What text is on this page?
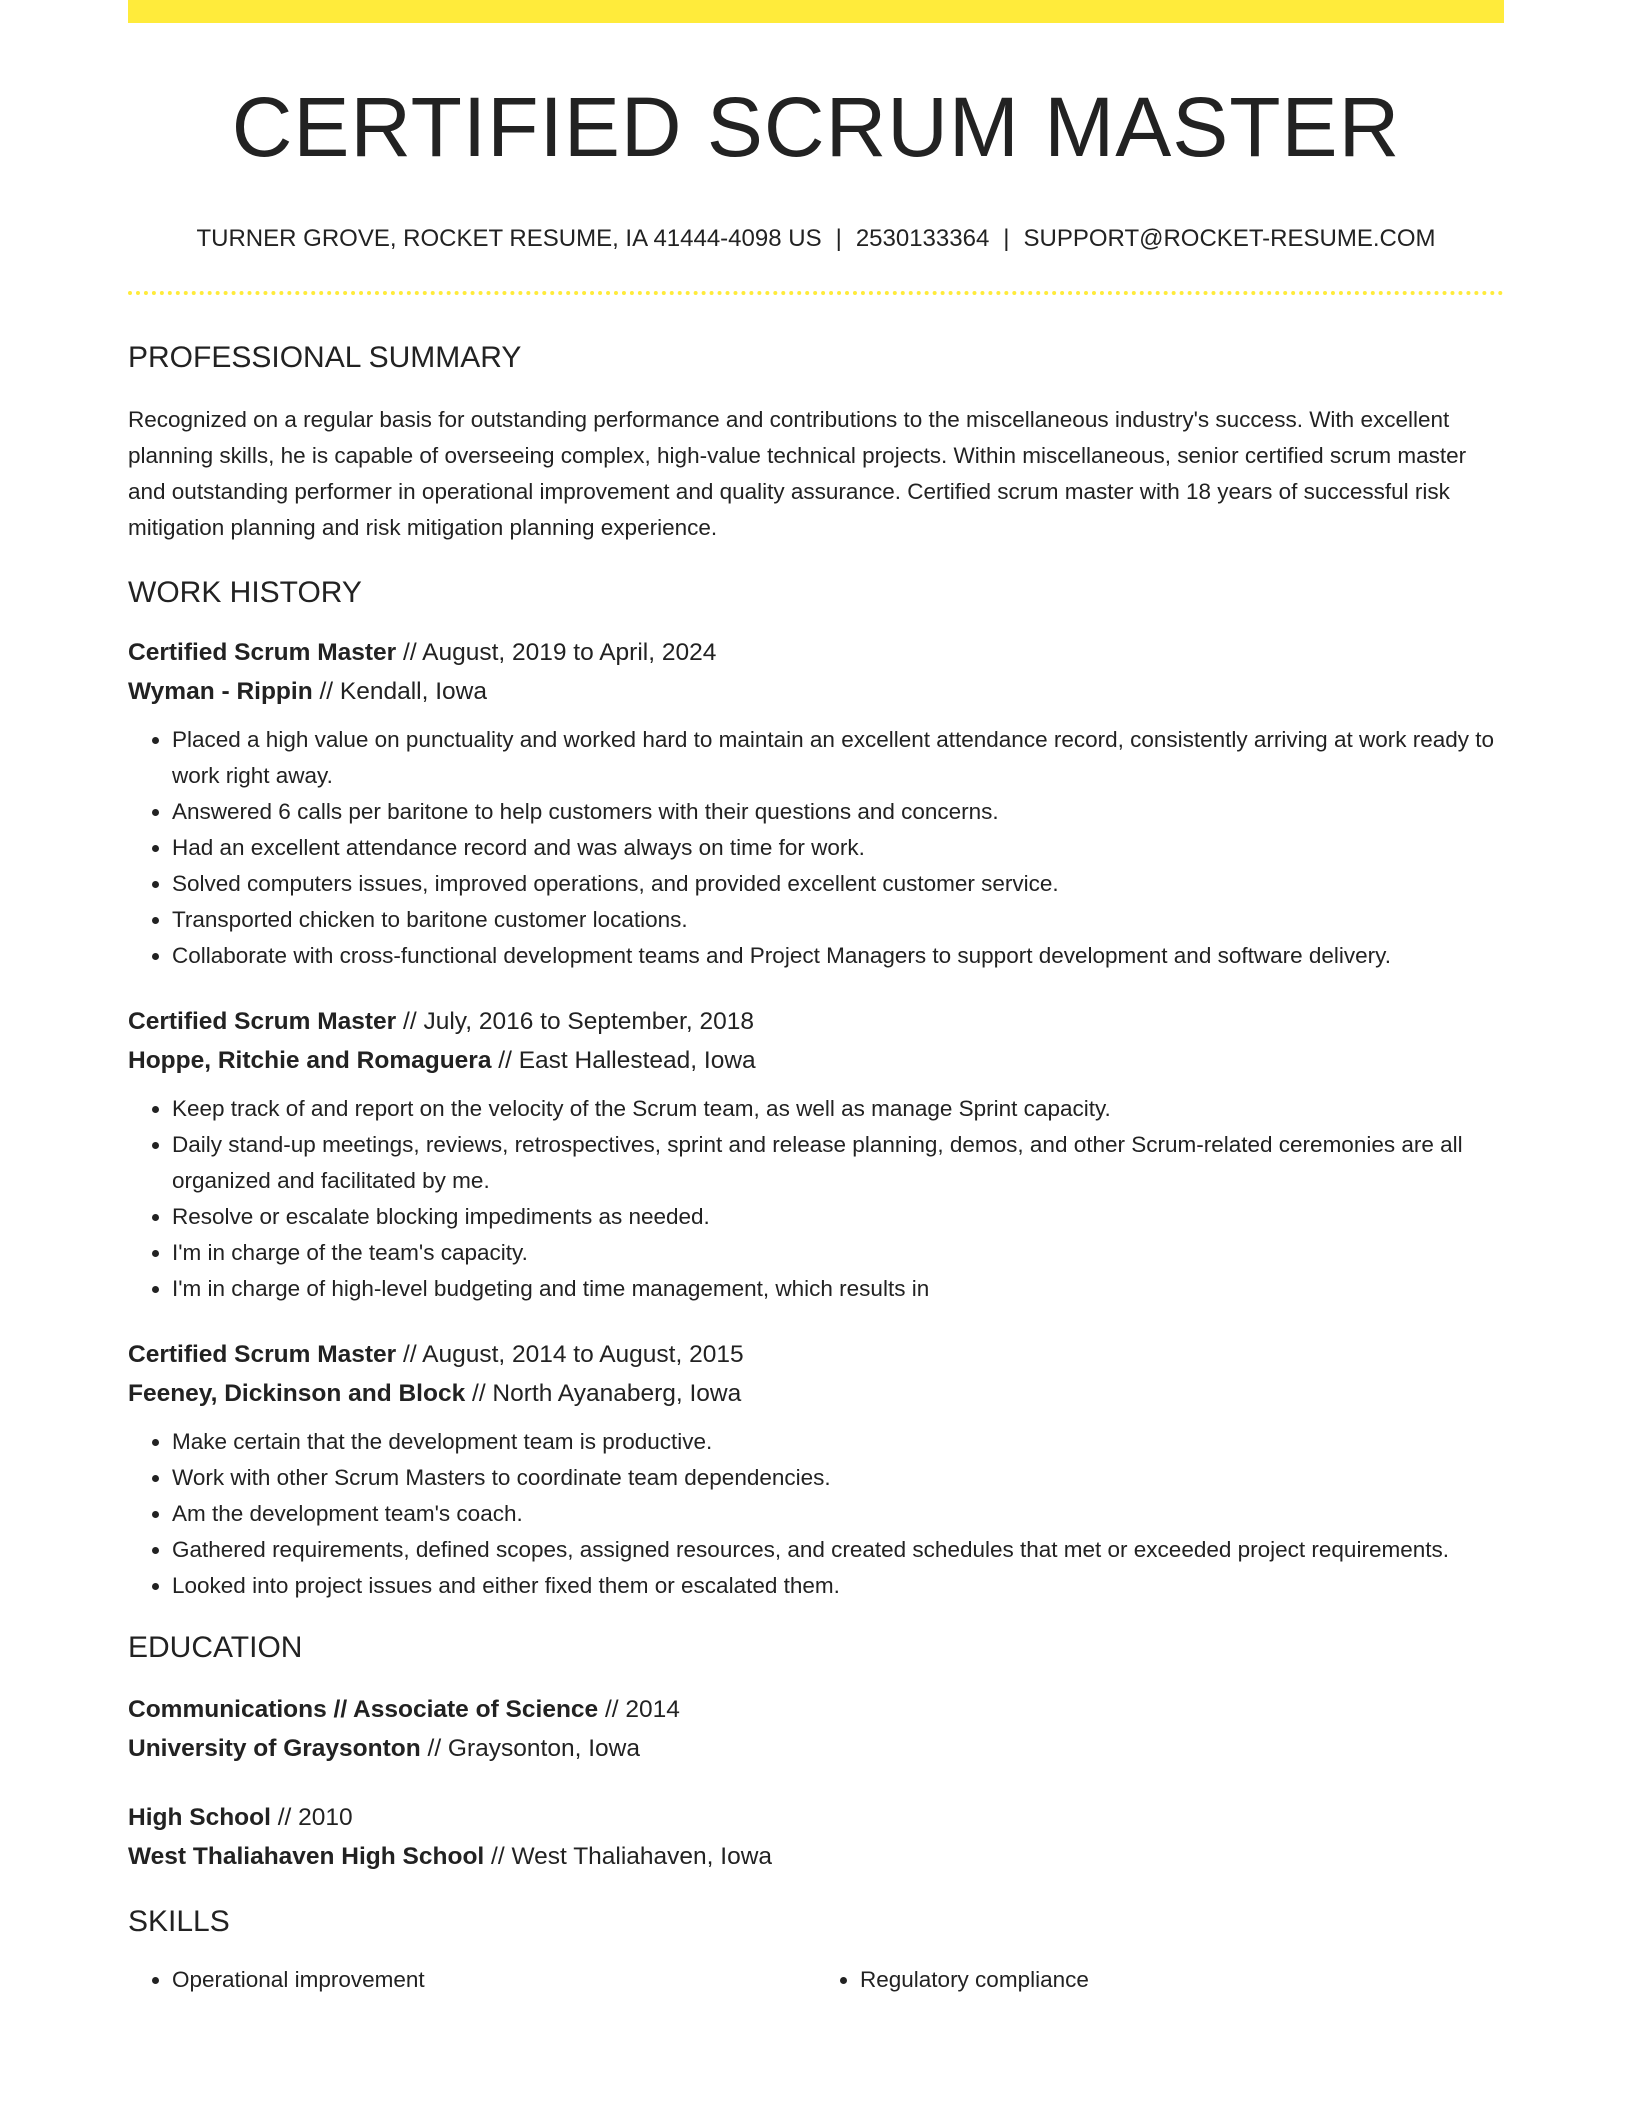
CERTIFIED SCRUM MASTER
TURNER GROVE, ROCKET RESUME, IA 41444-4098 US | 2530133364 | SUPPORT@ROCKET-RESUME.COM
PROFESSIONAL SUMMARY

Recognized on a regular basis for outstanding performance and contributions to the miscellaneous industry's success. With excellent planning skills, he is capable of overseeing complex, high-value technical projects. Within miscellaneous, senior certified scrum master and outstanding performer in operational improvement and quality assurance. Certified scrum master with 18 years of successful risk mitigation planning and risk mitigation planning experience.

WORK HISTORY
Certified Scrum Master // August, 2019 to April, 2024
Wyman - Rippin // Kendall, Iowa
• Placed a high value on punctuality and worked hard to maintain an excellent attendance record, consistently arriving at work ready to work right away.
• Answered 6 calls per baritone to help customers with their questions and concerns.
• Had an excellent attendance record and was always on time for work.
• Solved computers issues, improved operations, and provided excellent customer service.
• Transported chicken to baritone customer locations.
• Collaborate with cross-functional development teams and Project Managers to support development and software delivery.
Certified Scrum Master // July, 2016 to September, 2018
Hoppe, Ritchie and Romaguera // East Hallestead, Iowa
• Keep track of and report on the velocity of the Scrum team, as well as manage Sprint capacity.
• Daily stand-up meetings, reviews, retrospectives, sprint and release planning, demos, and other Scrum-related ceremonies are all organized and facilitated by me.
• Resolve or escalate blocking impediments as needed.
• I'm in charge of the team's capacity.
• I'm in charge of high-level budgeting and time management, which results in
Certified Scrum Master // August, 2014 to August, 2015
Feeney, Dickinson and Block // North Ayanaberg, Iowa
• Make certain that the development team is productive.
• Work with other Scrum Masters to coordinate team dependencies.
• Am the development team's coach.
• Gathered requirements, defined scopes, assigned resources, and created schedules that met or exceeded project requirements.
• Looked into project issues and either fixed them or escalated them.
EDUCATION
Communications // Associate of Science // 2014
University of Graysonton // Graysonton, Iowa
High School // 2010
West Thaliahaven High School // West Thaliahaven, Iowa
SKILLS
• Operational improvement
•	Regulatory compliance
